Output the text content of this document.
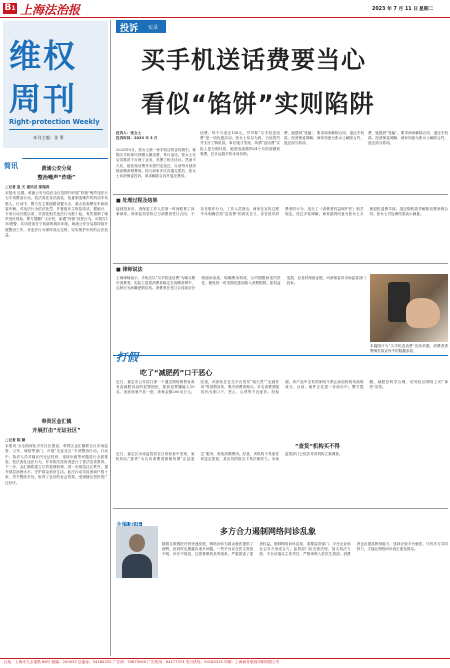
B1 上海法治报	2023 年 7 月 11 日 星期二
维权
周刊
Right-protection Weekly
本刊主编：金 勇
简讯	黄浦公安分局
整治噪声“炸街”
□记者 夏 天 通讯员 邬瑞春
本报讯 近期，黄浦公安分局在全区范围内开展“炸街”噪声违法行为专项整治行动，依法查处非法改装、故意制造噪声的机动车驾驶人。行动中，警方在主要道路设置卡点，重点检查摩托车和改装车辆，对违法行为依法处罚，并督促车主恢复原状。据统计，专项行动开展以来，共查处相关违法行为数十起，有效遏制了噪声扰民现象。警方提醒广大市民，如遇“炸街”扰民行为，可拨打110报警，共同营造安宁和谐的城市环境。黄浦公安分局将持续开展整治工作，对违法行为保持高压态势，切实维护市民的合法权益。
奉贤区金汇镇
开展打击“无证社区”
□记者 陈 颖
本报讯 为全面深化平安社区建设，奉贤区金汇镇联合区市场监管、公安、城管等部门，开展“无证社区”专项整治行动。行动中，执法人员对辖区内无证经营、违规出租等问题进行全面排查，依法查处违法行为，并对相关经营者进行了普法宣传教育。下一步，金汇镇将建立长效管理机制，进一步规范社区秩序，提升基层治理水平，守护群众美好生活。此次行动共检查商户数十家，责令整改多处，取得了良好的社会效果，受到辖区居民的广泛好评。
投诉 实录
买手机送话费要当心
看似“馅饼”实则陷阱
投诉人：张女士
投诉时间：2023 年 5 月
2023年5月，张女士被一家手机店的宣传吸引，称购买手机即可获赠大额话费，每月返还。张女士在店员推荐下办理了业务，签署了相关协议。然而不久后，她发现话费并未按约定返还，反而每月被扣除高额套餐费用。经与商家多次沟通无果后，张女士向消保委投诉，请求解除合同并退还费用。
话费，每个月返还158元，并声称“买手机送话费”是一项优惠活动。张女士信以为真，当场签约并支付了购机款。事后她才发现，所谓“送话费”实际上是分期付款，她需连续缴纳24个月的高额套餐费，总计远超手机本身价格。
费，她感到“受骗”，要求商家解除合同、退还手机款。经消保委调解，商家同意为张女士解除合约，退还部分款项。
费，她感到“受骗”，要求商家解除合同、退还手机款。经消保委调解，商家同意为张女士解除合约，退还部分款项。
■ 处理过程及结果
接到投诉后，消保委工作人员第一时间联系了涉事商家。商家起初坚称已与消费者签订合同，不存在欺诈行为。工作人员指出，商家在宣传过程中未明确告知“送话费”的真实含义，存在误导消费者的行为，违反了《消费者权益保护法》相关规定。经过多轮调解，商家最终同意为张女士办理退机退费手续，退还购机款并解除话费套餐合同。张女士对处理结果表示满意。
■ 律师说法
上海律师表示，手机店以“买手机送话费”为噱头吸引消费者，实际上是将消费者绑定在高额套餐中，这种行为涉嫌虚假宣传。消费者在签订合同前应仔细阅读条款，明确费用构成、合约期限和违约责任，避免因一时贪图优惠而陷入消费陷阱。如权益受损，应及时保留证据，向消保委或市场监管部门投诉。
本篇图片为“买手机送话费”宣传单据，消费者需警惕类似宣传中的隐藏条款。
打假
吃了“减肥药”口干恶心
近日，嘉定市公安局打掉一个通过网络销售有毒有害减肥食品的犯罪团伙，抓获犯罪嫌疑人10名，查获涉案产品一批，涉案金额200余万元。经查，该团伙在社交平台发布“纯天然”“无副作用”等虚假宣传，吸引消费者购买。多名消费者服用后出现口干、恶心、心悸等不良症状。经检测，该产品中含有国家明令禁止添加的西布曲明成分。目前，案件正在进一步侦办中。警方提醒，减肥应科学合理，切勿轻信网络上的“神药”宣传。
“查货”机构买不得
近日，嘉定区市场监管局在日常检查中发现，某机构以“查货”为名向消费者推销所谓“正品鉴定”服务，收取高额费用。经查，该机构不具备任何鉴定资质，其出具的报告不具法律效力。市场监管部门已依法对该机构立案调查。
多方合力遏制网络问诊乱象
随着互联网医疗的快速发展，网络问诊为群众就医提供了便利，但同时也暴露出诸多问题。一些平台存在医生资质不明、诊疗不规范、过度推销药品等现象，严重损害了患者权益。遏制网络问诊乱象，需要监管部门、平台企业和社会各方形成合力。监管部门应完善法规，加大执法力度；平台应落实主体责任，严格审核入驻医生资质；消费者也应提高辨别能力，选择正规平台就医。只有多方共同努力，才能让网络问诊真正惠及群众。
社址：上海市九水斐路 88号 邮编：200032 总编室：34185332 广告部：33675000 广告热线：64177374 发行热线：34185315 印刷：上海商务联西印刷有限公司
